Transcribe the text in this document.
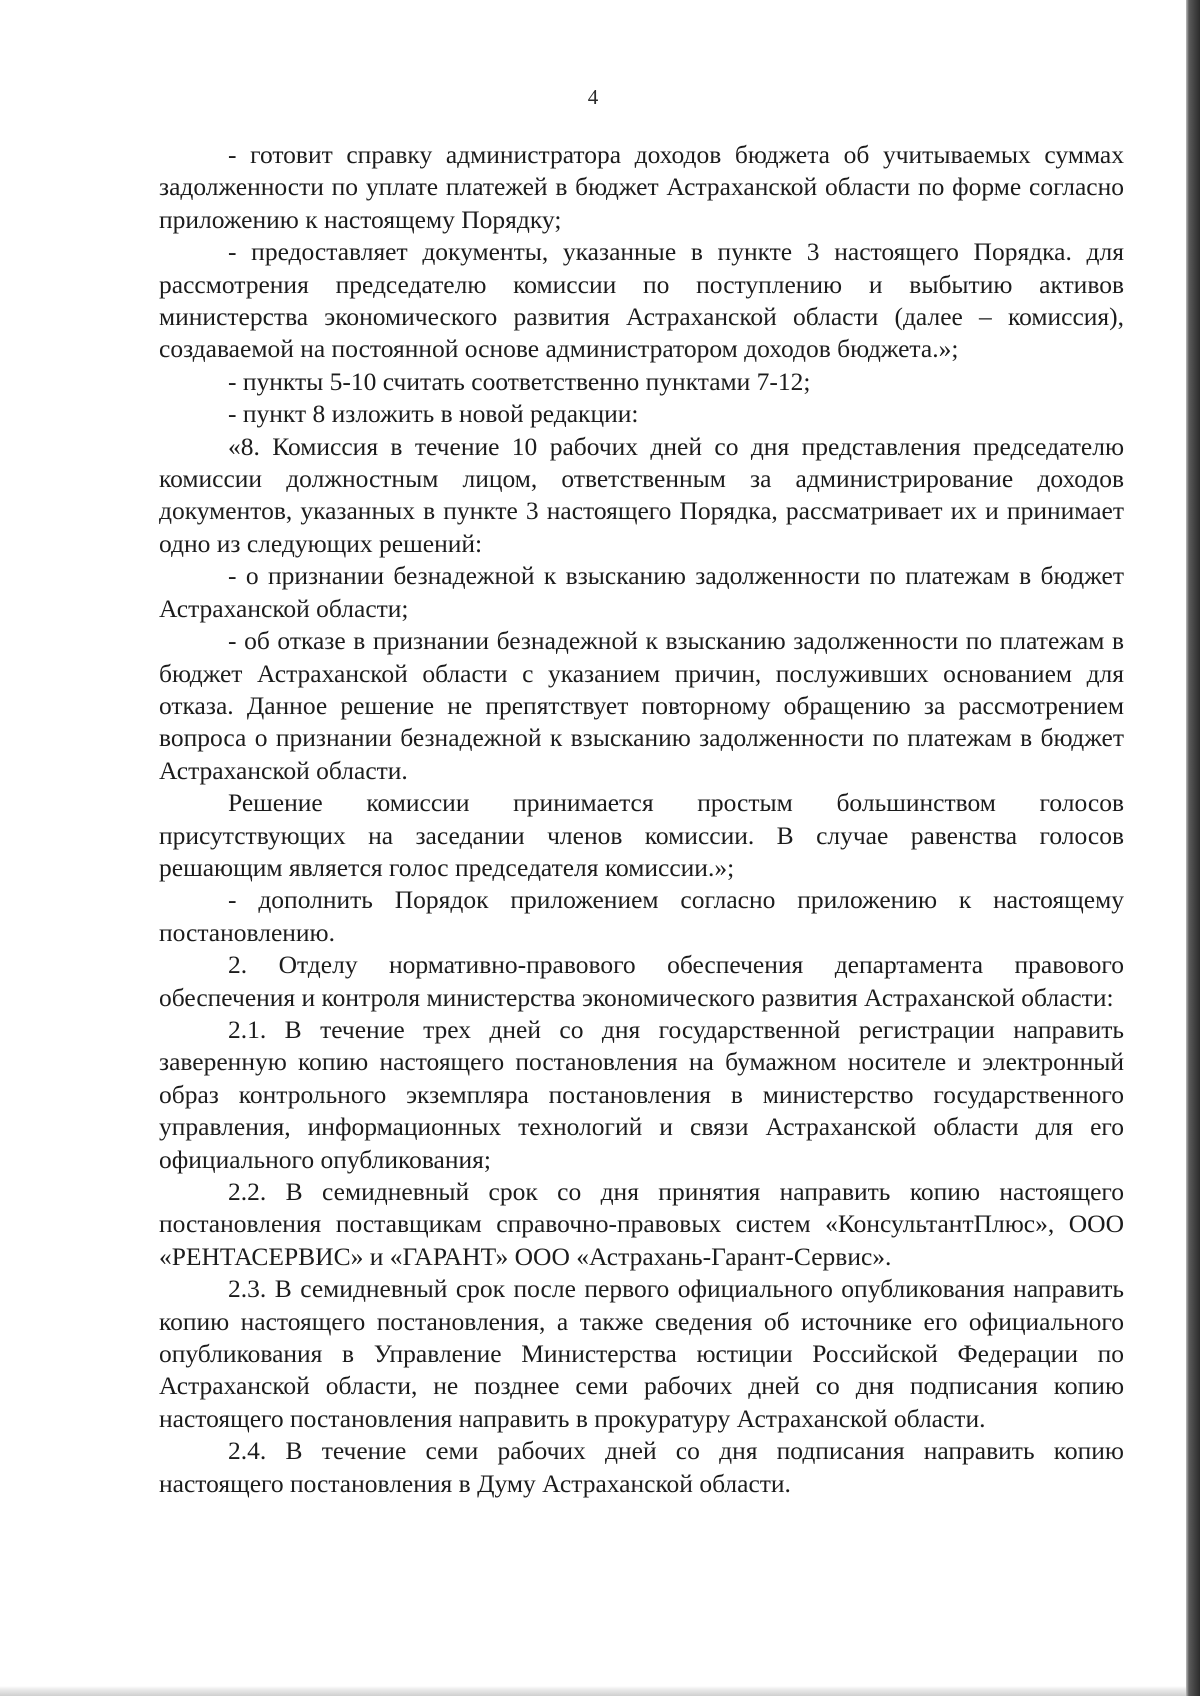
4

- готовит справку администратора доходов бюджета об учитываемых суммах задолженности по уплате платежей в бюджет Астраханской области по форме согласно приложению к настоящему Порядку;

- предоставляет документы, указанные в пункте 3 настоящего Порядка. для рассмотрения председателю комиссии по поступлению и выбытию активов министерства экономического развития Астраханской области (далее – комиссия), создаваемой на постоянной основе администратором доходов бюджета.»;

- пункты 5-10 считать соответственно пунктами 7-12;

- пункт 8 изложить в новой редакции:

«8. Комиссия в течение 10 рабочих дней со дня представления председателю комиссии должностным лицом, ответственным за администрирование доходов документов, указанных в пункте 3 настоящего Порядка, рассматривает их и принимает одно из следующих решений:

- о признании безнадежной к взысканию задолженности по платежам в бюджет Астраханской области;

- об отказе в признании безнадежной к взысканию задолженности по платежам в бюджет Астраханской области с указанием причин, послуживших основанием для отказа. Данное решение не препятствует повторному обращению за рассмотрением вопроса о признании безнадежной к взысканию задолженности по платежам в бюджет Астраханской области.

Решение комиссии принимается простым большинством голосов присутствующих на заседании членов комиссии. В случае равенства голосов решающим является голос председателя комиссии.»;

- дополнить Порядок приложением согласно приложению к настоящему постановлению.

2. Отделу нормативно-правового обеспечения департамента правового обеспечения и контроля министерства экономического развития Астраханской области:

2.1. В течение трех дней со дня государственной регистрации направить заверенную копию настоящего постановления на бумажном носителе и электронный образ контрольного экземпляра постановления в министерство государственного управления, информационных технологий и связи Астраханской области для его официального опубликования;

2.2. В семидневный срок со дня принятия направить копию настоящего постановления поставщикам справочно-правовых систем «КонсультантПлюс», ООО «РЕНТАСЕРВИС» и «ГАРАНТ» ООО «Астрахань-Гарант-Сервис».

2.3. В семидневный срок после первого официального опубликования направить копию настоящего постановления, а также сведения об источнике его официального опубликования в Управление Министерства юстиции Российской Федерации по Астраханской области, не позднее семи рабочих дней со дня подписания копию настоящего постановления направить в прокуратуру Астраханской области.

2.4. В течение семи рабочих дней со дня подписания направить копию настоящего постановления в Думу Астраханской области.
